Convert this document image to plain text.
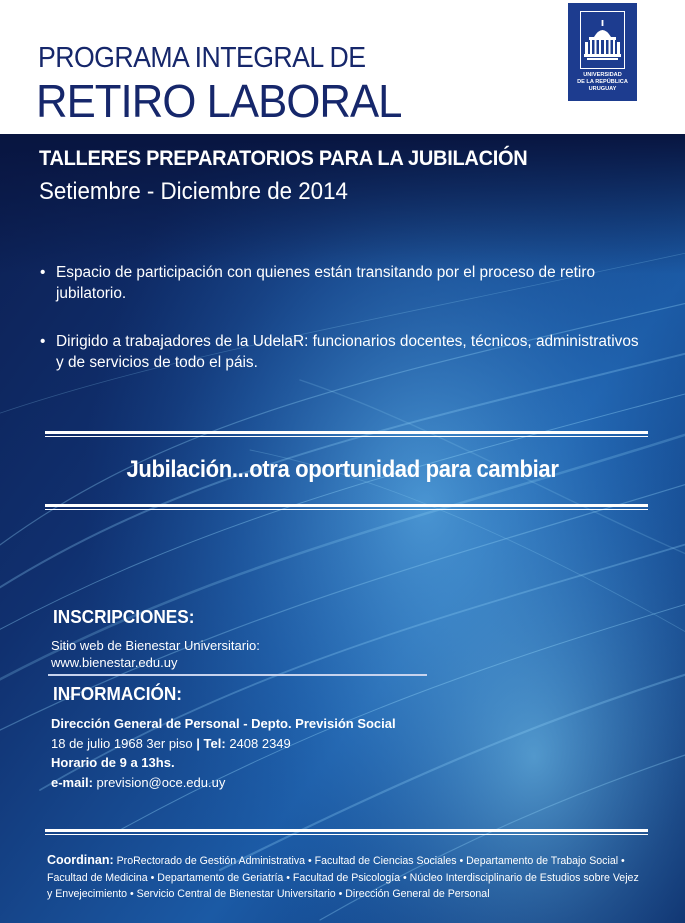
PROGRAMA INTEGRAL DE
RETIRO LABORAL	UNIVERSIDAD
DE LA REPÚBLICA
URUGUAY
TALLERES PREPARATORIOS PARA LA JUBILACIÓN
Setiembre - Diciembre de 2014
• Espacio de participación con quienes están transitando por el proceso de retiro jubilatorio.
• Dirigido a trabajadores de la UdelaR: funcionarios docentes, técnicos, administrativos y de servicios de todo el páis.
Jubilación...otra oportunidad para cambiar
INSCRIPCIONES:
Sitio web de Bienestar Universitario:
www.bienestar.edu.uy
INFORMACIÓN:
Dirección General de Personal - Depto. Previsión Social
18 de julio 1968 3er piso | Tel: 2408 2349
Horario de 9 a 13hs.
e-mail: prevision@oce.edu.uy
Coordinan: ProRectorado de Gestión Administrativa • Facultad de Ciencias Sociales • Departamento de Trabajo Social • Facultad de Medicina • Departamento de Geriatría • Facultad de Psicología • Núcleo Interdisciplinario de Estudios sobre Vejez y Envejecimiento • Servicio Central de Bienestar Universitario • Dirección General de Personal
